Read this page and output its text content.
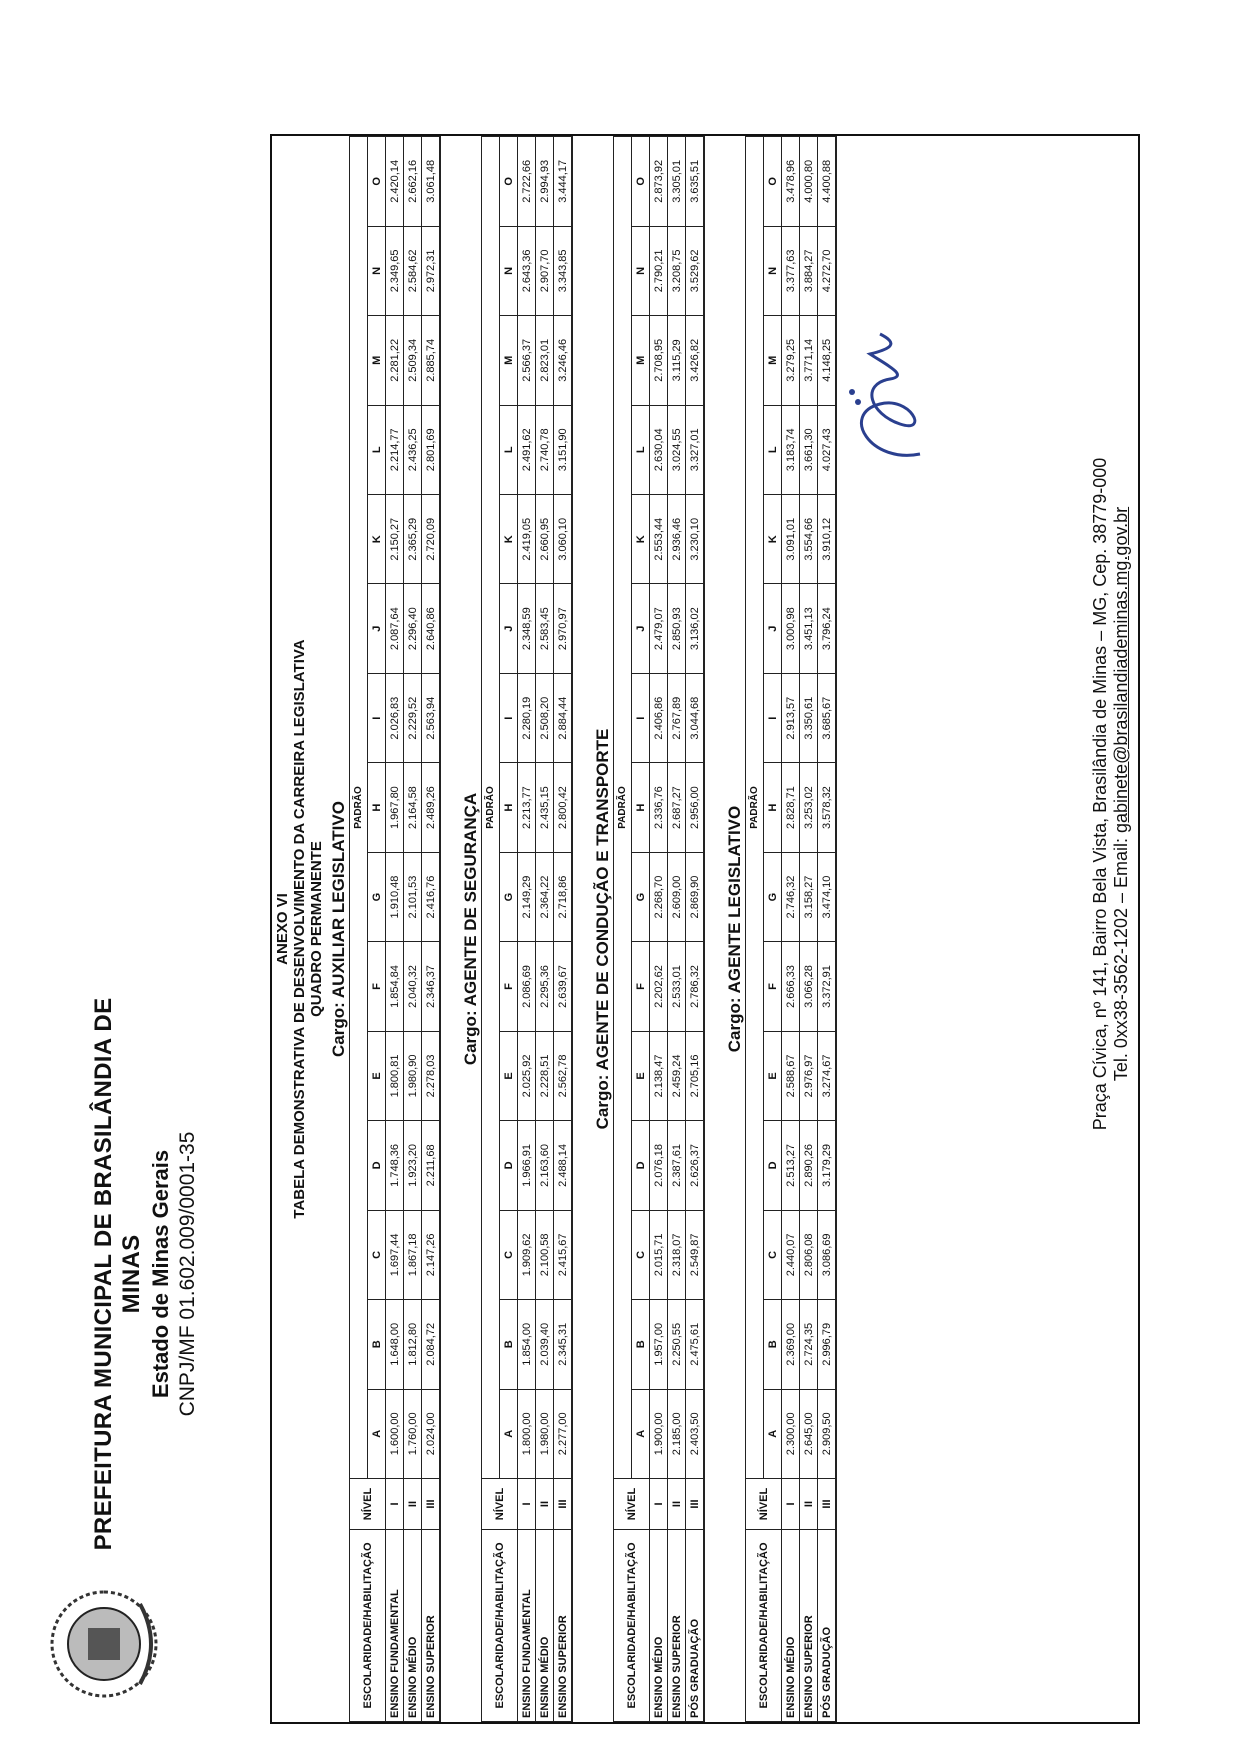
PREFEITURA MUNICIPAL DE BRASILÂNDIA DE MINAS Estado de Minas Gerais CNPJ/MF 01.602.009/0001-35
ANEXO VI TABELA DEMONSTRATIVA DE DESENVOLVIMENTO DA CARREIRA LEGISLATIVA QUADRO PERMANENTE Cargo: AUXILIAR LEGISLATIVO
ESCOLARIDADE/HABILITAÇÃO	NÍVEL	PADRÃO														
		A	B	C	D	E	F	G	H	I	J	K	L	M	N	O
ENSINO FUNDAMENTAL	I	1.600,00	1.648,00	1.697,44	1.748,36	1.800,81	1.854,84	1.910,48	1.967,80	2.026,83	2.087,64	2.150,27	2.214,77	2.281,22	2.349,65	2.420,14
ENSINO MÉDIO	II	1.760,00	1.812,80	1.867,18	1.923,20	1.980,90	2.040,32	2.101,53	2.164,58	2.229,52	2.296,40	2.365,29	2.436,25	2.509,34	2.584,62	2.662,16
ENSINO SUPERIOR	III	2.024,00	2.084,72	2.147,26	2.211,68	2.278,03	2.346,37	2.416,76	2.489,26	2.563,94	2.640,86	2.720,09	2.801,69	2.885,74	2.972,31	3.061,48
Cargo: AGENTE DE SEGURANÇA
ESCOLARIDADE/HABILITAÇÃO	NÍVEL	PADRÃO														
		A	B	C	D	E	F	G	H	I	J	K	L	M	N	O
ENSINO FUNDAMENTAL	I	1.800,00	1.854,00	1.909,62	1.966,91	2.025,92	2.086,69	2.149,29	2.213,77	2.280,19	2.348,59	2.419,05	2.491,62	2.566,37	2.643,36	2.722,66
ENSINO MÉDIO	II	1.980,00	2.039,40	2.100,58	2.163,60	2.228,51	2.295,36	2.364,22	2.435,15	2.508,20	2.583,45	2.660,95	2.740,78	2.823,01	2.907,70	2.994,93
ENSINO SUPERIOR	III	2.277,00	2.345,31	2.415,67	2.488,14	2.562,78	2.639,67	2.718,86	2.800,42	2.884,44	2.970,97	3.060,10	3.151,90	3.246,46	3.343,85	3.444,17
Cargo: AGENTE DE CONDUÇÃO E TRANSPORTE
ESCOLARIDADE/HABILITAÇÃO	NÍVEL	PADRÃO														
		A	B	C	D	E	F	G	H	I	J	K	L	M	N	O
ENSINO MÉDIO	I	1.900,00	1.957,00	2.015,71	2.076,18	2.138,47	2.202,62	2.268,70	2.336,76	2.406,86	2.479,07	2.553,44	2.630,04	2.708,95	2.790,21	2.873,92
ENSINO SUPERIOR	II	2.185,00	2.250,55	2.318,07	2.387,61	2.459,24	2.533,01	2.609,00	2.687,27	2.767,89	2.850,93	2.936,46	3.024,55	3.115,29	3.208,75	3.305,01
PÓS GRADUAÇÃO	III	2.403,50	2.475,61	2.549,87	2.626,37	2.705,16	2.786,32	2.869,90	2.956,00	3.044,68	3.136,02	3.230,10	3.327,01	3.426,82	3.529,62	3.635,51
Cargo: AGENTE LEGISLATIVO
ESCOLARIDADE/HABILITAÇÃO	NÍVEL	PADRÃO														
		A	B	C	D	E	F	G	H	I	J	K	L	M	N	O
ENSINO MÉDIO	I	2.300,00	2.369,00	2.440,07	2.513,27	2.588,67	2.666,33	2.746,32	2.828,71	2.913,57	3.000,98	3.091,01	3.183,74	3.279,25	3.377,63	3.478,96
ENSINO SUPERIOR	II	2.645,00	2.724,35	2.806,08	2.890,26	2.976,97	3.066,28	3.158,27	3.253,02	3.350,61	3.451,13	3.554,66	3.661,30	3.771,14	3.884,27	4.000,80
PÓS GRADUÇÃO	III	2.909,50	2.996,79	3.086,69	3.179,29	3.274,67	3.372,91	3.474,10	3.578,32	3.685,67	3.796,24	3.910,12	4.027,43	4.148,25	4.272,70	4.400,88
Praça Cívica, nº 141, Bairro Bela Vista, Brasilândia de Minas – MG, Cep. 38779-000 Tel. 0xx38-3562-1202 – Email: gabinete@brasilandiademinas.mg.gov.br
